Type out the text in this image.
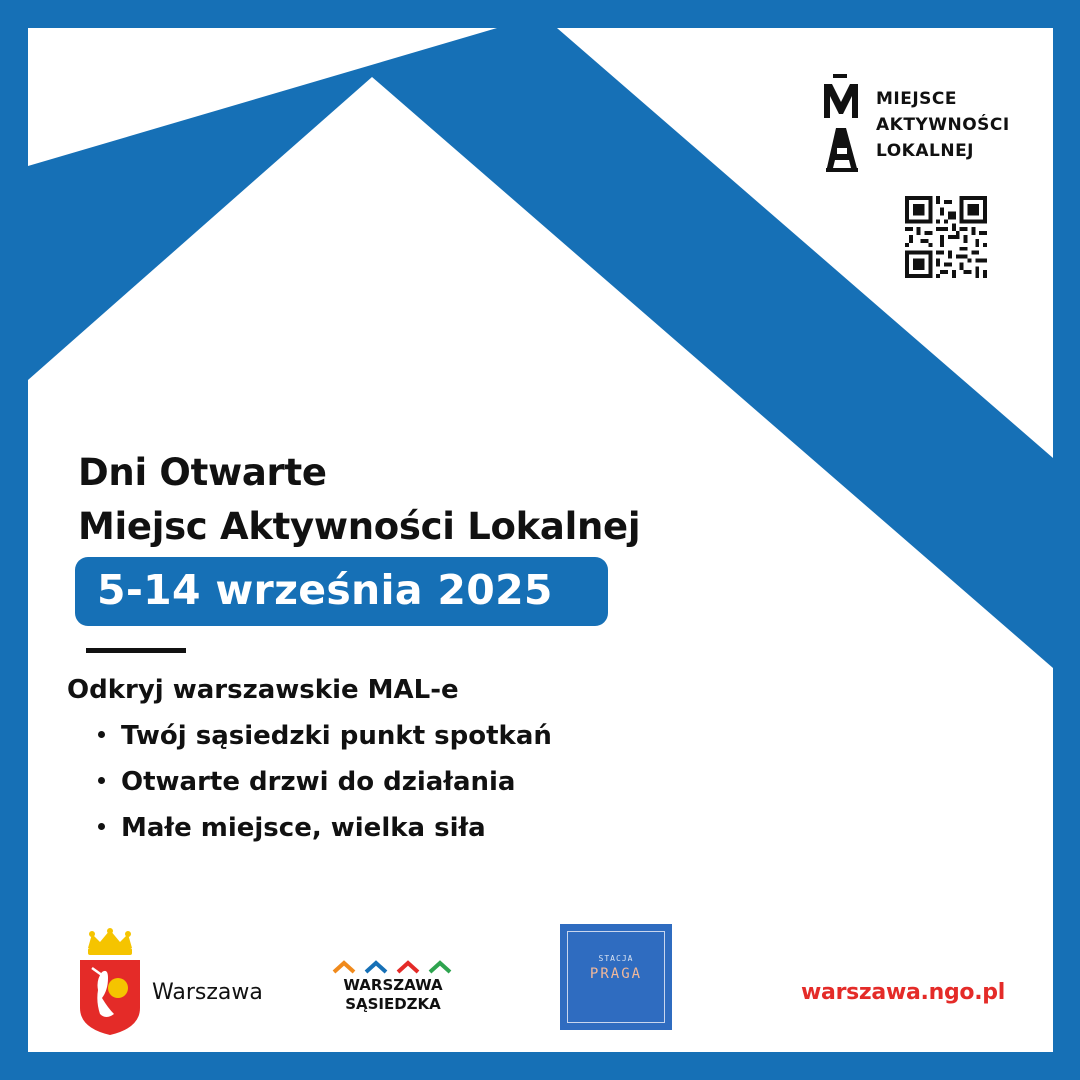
MIEJSCE
AKTYWNOŚCI
LOKALNEJ
Dni Otwarte
Miejsc Aktywności Lokalnej
5-14 września 2025
Odkryj warszawskie MAL-e
Twój sąsiedzki punkt spotkań
Otwarte drzwi do działania
Małe miejsce, wielka siła
Warszawa	WARSZAWA
SĄSIEDZKA
STACJA
PRAGA
warszawa.ngo.pl
